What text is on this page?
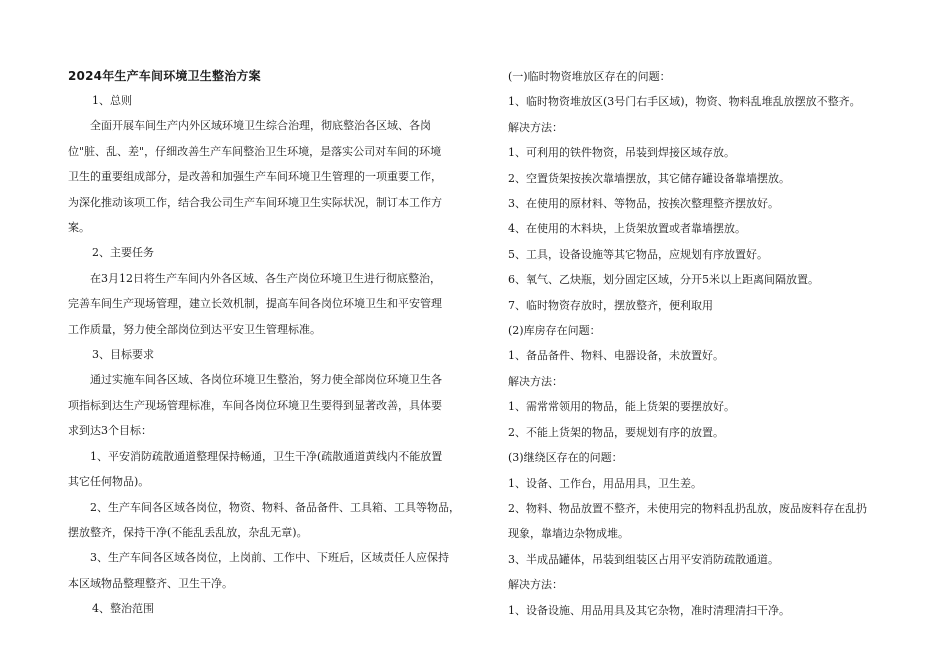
2024年生产车间环境卫生整治方案

1、总则

　　全面开展车间生产内外区域环境卫生综合治理，彻底整治各区域、各岗
位"脏、乱、差"，仔细改善生产车间整治卫生环境，是落实公司对车间的环境
卫生的重要组成部分，是改善和加强生产车间环境卫生管理的一项重要工作，
为深化推动该项工作，结合我公司生产车间环境卫生实际状况，制订本工作方
案。

2、主要任务

　　在3月12日将生产车间内外各区域、各生产岗位环境卫生进行彻底整治，
完善车间生产现场管理，建立长效机制，提高车间各岗位环境卫生和平安管理
工作质量，努力使全部岗位到达平安卫生管理标准。

3、目标要求

　　通过实施车间各区域、各岗位环境卫生整治，努力使全部岗位环境卫生各
项指标到达生产现场管理标准，车间各岗位环境卫生要得到显著改善，具体要
求到达3个目标：

　　1、平安消防疏散通道整理保持畅通，卫生干净(疏散通道黄线内不能放置
其它任何物品)。

　　2、生产车间各区域各岗位，物资、物料、备品备件、工具箱、工具等物品，
摆放整齐，保持干净(不能乱丢乱放，杂乱无章)。

　　3、生产车间各区域各岗位，上岗前、工作中、下班后，区域责任人应保持
本区域物品整理整齐、卫生干净。

4、整治范围

(一)临时物资堆放区存在的问题：

1、临时物资堆放区(3号门右手区域)，物资、物料乱堆乱放摆放不整齐。

解决方法：

1、可利用的铁件物资，吊装到焊接区域存放。

2、空置货架按挨次靠墙摆放，其它储存罐设备靠墙摆放。

3、在使用的原材料、等物品，按挨次整理整齐摆放好。

4、在使用的木料块，上货架放置或者靠墙摆放。

5、工具，设备设施等其它物品，应规划有序放置好。

6、氧气、乙炔瓶，划分固定区域，分开5米以上距离间隔放置。

7、临时物资存放时，摆放整齐，便利取用

(2)库房存在问题：

1、备品备件、物料、电器设备，未放置好。

解决方法：

1、需常常领用的物品，能上货架的要摆放好。

2、不能上货架的物品，要规划有序的放置。

(3)继绕区存在的问题：

1、设备、工作台，用品用具，卫生差。

2、物料、物品放置不整齐，未使用完的物料乱扔乱放，废品废料存在乱扔
现象，靠墙边杂物成堆。

3、半成品罐体，吊装到组装区占用平安消防疏散通道。

解决方法：

1、设备设施、用品用具及其它杂物，准时清理清扫干净。
